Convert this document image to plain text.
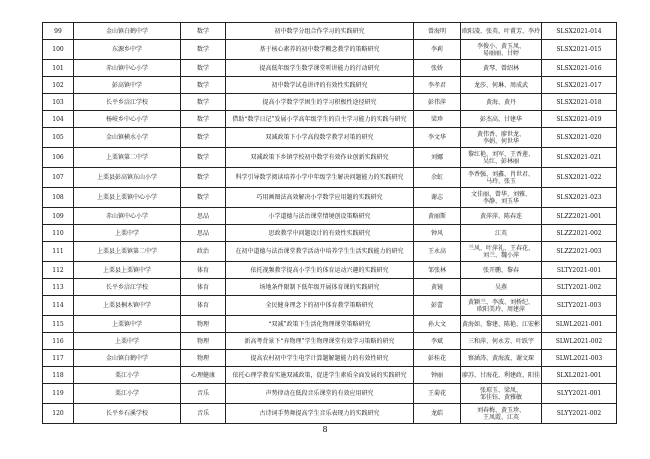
99	金山镇白鹤中学	数学	初中数学分组合作学习的实践研究	曾海明	欧阳凌、张英、叶甫芳、李玲	SLSX2021-014
100	东源乡中学	数学	基于核心素养的初中数学概念教学的策略研究	李莉	李俊小、黄玉凤、
易丽丽、甘婷	SLSX2021-015
101	赤山镇中心小学	数学	提高低年级学生数学课堂听讲能力的行动研究	张娇	黄琴、曾绍林	SLSX2021-016
102	彭高镇中学	数学	初中数学试卷讲评的有效性实践研究	李孝君	龙莎、何琳、周成武	SLSX2021-017
103	长平乡涪江学校	数学	提高小学数学学困生的学习积极性途径研究	彭伟萍	黄海、黄丹	SLSX2021-018
104	杨岐乡中心小学	数学	借助“数学日记”发展小学高年级学生的自主学习能力的实践与研究	梁珍	彭杰高、甘建华	SLSX2021-019
105	金山镇横水小学	数学	双减政策下小学高段数学教学对策的研究	李文华	黄伟香、廖世龙、
李娟、何世华	SLSX2021-020
106	上栗镇第二中学	数学	双减政策下乡镇学校初中数学有效作业创新实践研究	刘娜	黎红艳、刘军、王香莲、
吴红、彭林丽	SLSX2021-021
107	上栗县彭高镇东山小学	数学	科学引导数学阅读培养小学中年级学生解决问题能力的实践研究	余虹	李香强、刘鑫、肖世君、
马玲、张玉	SLSX2021-022
108	上栗县上栗镇中心小学	数学	巧用画图法高效解决小学数学应用题的实践研究	谢志	文佳丽、曾华、刘雅、
李静、刘玉华	SLSX2021-023
109	赤山镇中心小学	思品	小学道德与法治课堂情境创设策略研究	黄丽斯	黄萍萍、陈春连	SLZZ2021-001
110	上栗中学	思品	思政教学中问题设计的有效性实践研究	钟风	江英	SLZZ2021-002
111	上栗县上栗镇第二中学	政治	在初中道德与法治课堂教学活动中培养学生生活实践能力的研究	王永高	兰风、叶萍礼、王春花、
刘兰、魏小萍	SLZZ2021-003
112	上栗县上栗镇中学	体育	依托视频教学提高小学生的体育运动兴趣的实践研究	邹张林	张开鹏、黎春	SLTY2021-001
113	长平乡涪江学校	体育	场地条件限制下低年级开展体育课的实践研究	黄镜	吴燕	SLTY2021-002
114	上栗县桐木镇中学	体育	全民健身理念下的初中体育教学策略研究	彭蕾	黄颖兰、李波、刘桥纪、
欧阳美玲、周建萍	SLTY2021-003
115	上栗镇中学	物理	“双减”政策下生活化物理课堂策略研究	孙大文	黄海如、黎建、陈艳、江宏彬	SLWL2021-001
116	上栗中学	物理	新高考背景下“弃物理”学生物理课堂有效学习策略的研究	李斌	三和萍、何永芳、叶跃宇	SLWL2021-002
117	金山镇白鹤中学	物理	提高农村初中学生电学计算题解题能力的有效性研究	彭桂花	察涵涛、黄海波、谢文琛	SLWL2021-003
118	栗江小学	心理健康	依托心理学教育实施双减政策，促进学生素质全面发展的实践研究	钟丽	廖苏、甘海花、利建政、阳佳	SLXL2021-001
119	栗江小学	音乐	声势律动在低段音乐课堂的有效应用研究	王菊花	张琼玉、梁凤、
邹佳钰、黄雅敏	SLYY2021-001
120	长平乡石溪学校	音乐	古诗词手势舞提高学生音乐表现力的实践研究	龙皓	刘春梅、黄玉珍、
王凤霞、江英	SLYY2021-002
8
